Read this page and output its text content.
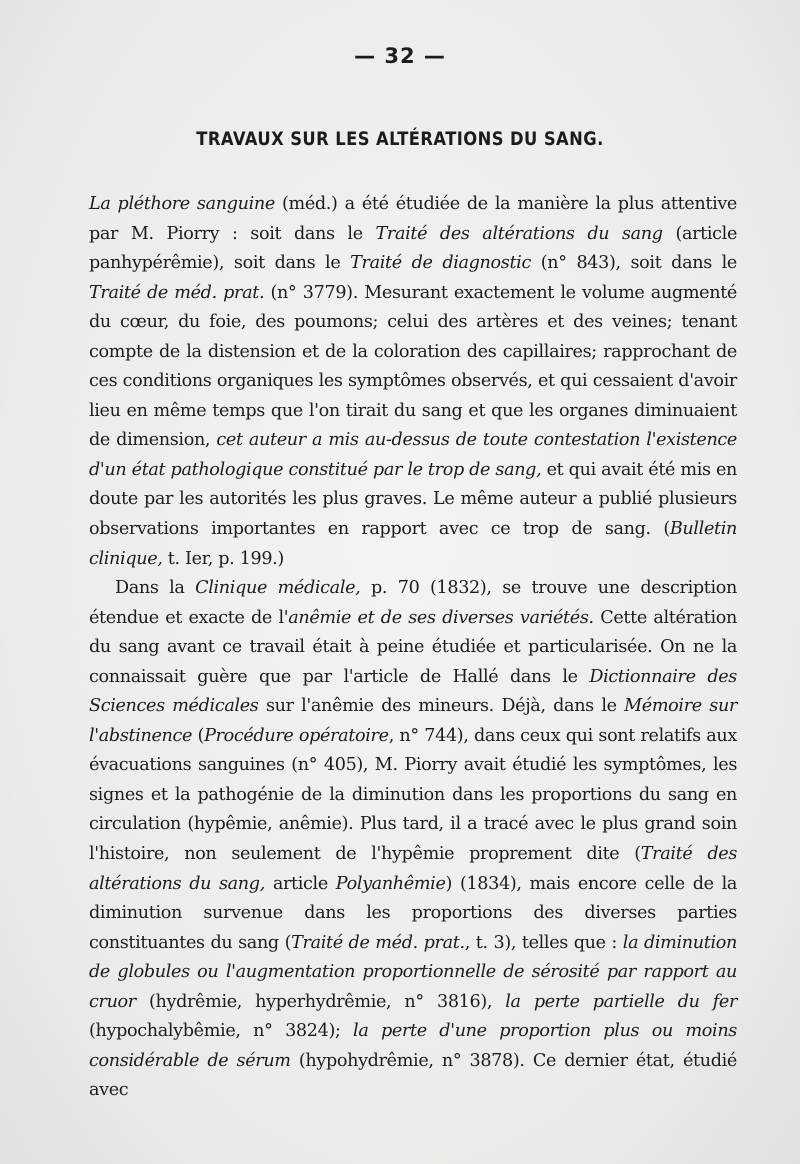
— 32 —
TRAVAUX SUR LES ALTÉRATIONS DU SANG.

La pléthore sanguine (méd.) a été étudiée de la manière la plus attentive par M. Piorry : soit dans le Traité des altérations du sang (article panhypérêmie), soit dans le Traité de diagnostic (n° 843), soit dans le Traité de méd. prat. (n° 3779). Mesurant exactement le volume augmenté du cœur, du foie, des poumons; celui des artères et des veines; tenant compte de la distension et de la coloration des capillaires; rapprochant de ces conditions organiques les symptômes observés, et qui cessaient d'avoir lieu en même temps que l'on tirait du sang et que les organes diminuaient de dimension, cet auteur a mis au-dessus de toute contestation l'existence d'un état pathologique constitué par le trop de sang, et qui avait été mis en doute par les autorités les plus graves. Le même auteur a publié plusieurs observations importantes en rapport avec ce trop de sang. (Bulletin clinique, t. Ier, p. 199.)

Dans la Clinique médicale, p. 70 (1832), se trouve une description étendue et exacte de l'anêmie et de ses diverses variétés. Cette altération du sang avant ce travail était à peine étudiée et particularisée. On ne la connaissait guère que par l'article de Hallé dans le Dictionnaire des Sciences médicales sur l'anêmie des mineurs. Déjà, dans le Mémoire sur l'abstinence (Procédure opératoire, n° 744), dans ceux qui sont relatifs aux évacuations sanguines (n° 405), M. Piorry avait étudié les symptômes, les signes et la pathogénie de la diminution dans les proportions du sang en circulation (hypêmie, anêmie). Plus tard, il a tracé avec le plus grand soin l'histoire, non seulement de l'hypêmie proprement dite (Traité des altérations du sang, article Polyanhêmie) (1834), mais encore celle de la diminution survenue dans les proportions des diverses parties constituantes du sang (Traité de méd. prat., t. 3), telles que : la diminution de globules ou l'augmentation proportionnelle de sérosité par rapport au cruor (hydrêmie, hyperhydrêmie, n° 3816), la perte partielle du fer (hypochalybêmie, n° 3824); la perte d'une proportion plus ou moins considérable de sérum (hypohydrêmie, n° 3878). Ce dernier état, étudié avec
